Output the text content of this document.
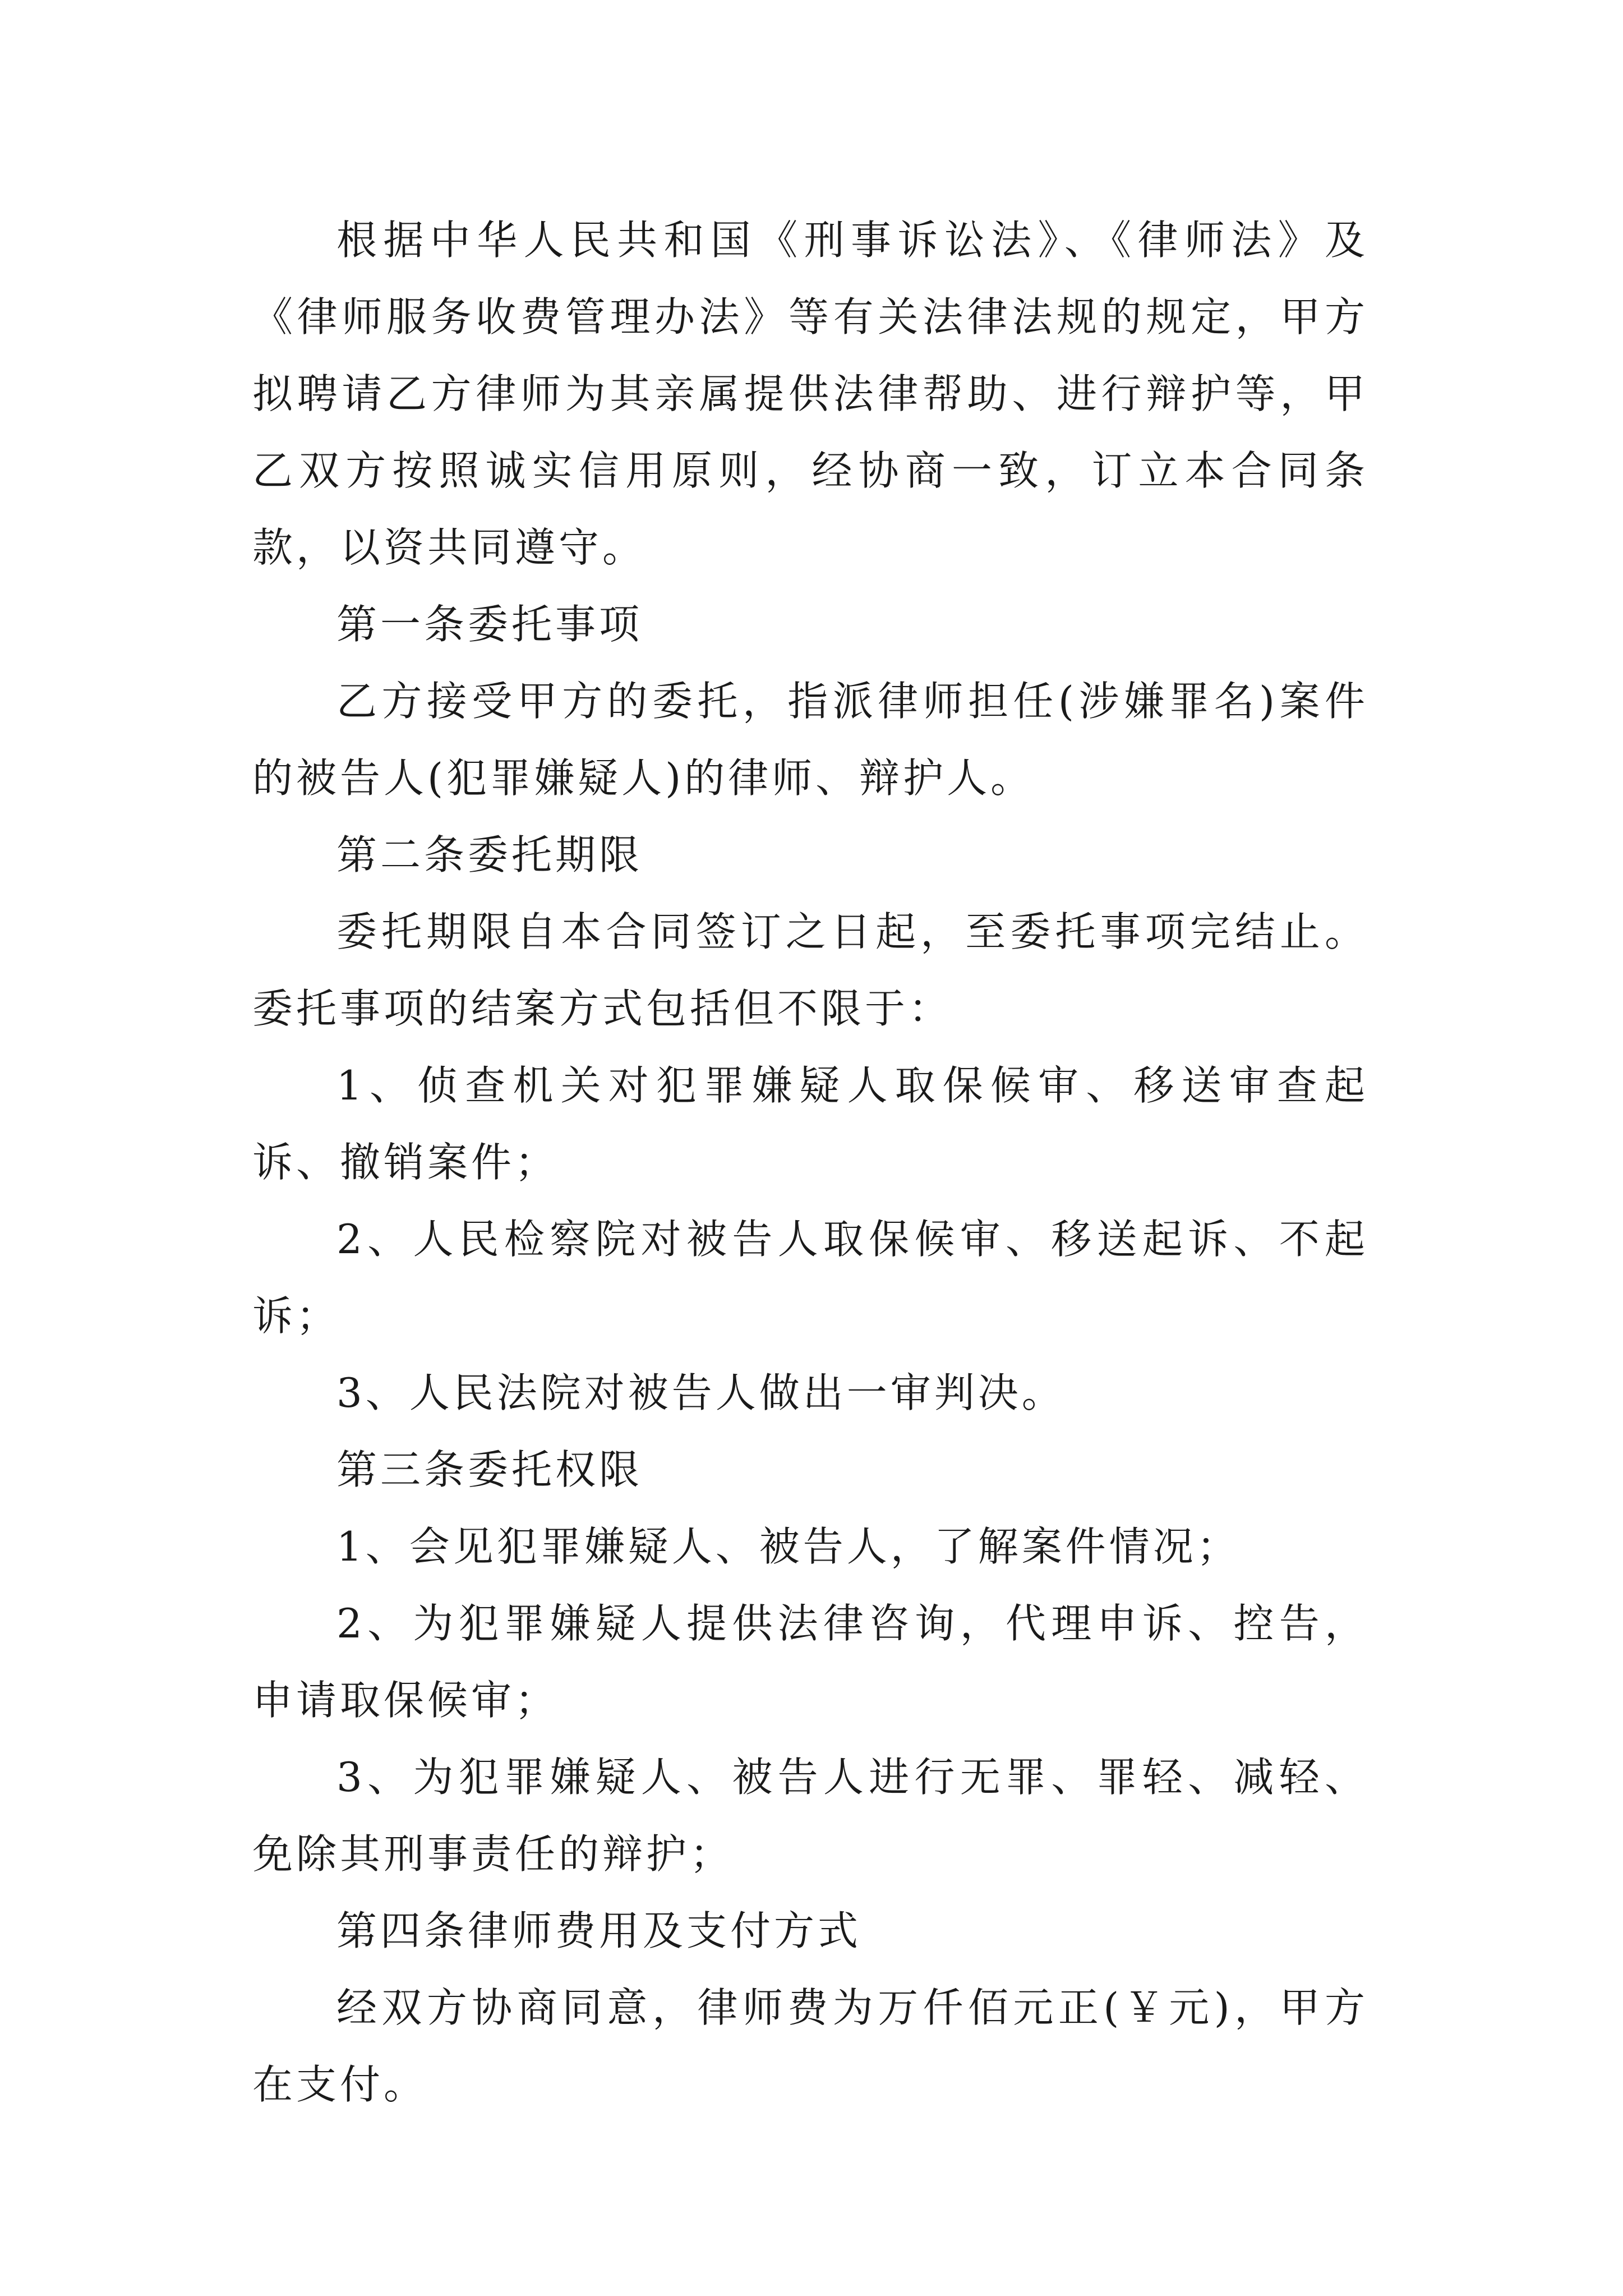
根据中华人民共和国《刑事诉讼法》、《律师法》及《律师服务收费管理办法》等有关法律法规的规定，甲方拟聘请乙方律师为其亲属提供法律帮助、进行辩护等，甲乙双方按照诚实信用原则，经协商一致，订立本合同条款，以资共同遵守。

第一条委托事项

乙方接受甲方的委托，指派律师担任(涉嫌罪名)案件的被告人(犯罪嫌疑人)的律师、辩护人。

第二条委托期限

委托期限自本合同签订之日起，至委托事项完结止。委托事项的结案方式包括但不限于：

1、侦查机关对犯罪嫌疑人取保候审、移送审查起诉、撤销案件；

2、人民检察院对被告人取保候审、移送起诉、不起诉；

3、人民法院对被告人做出一审判决。

第三条委托权限

1、会见犯罪嫌疑人、被告人，了解案件情况；

2、为犯罪嫌疑人提供法律咨询，代理申诉、控告，申请取保候审；

3、为犯罪嫌疑人、被告人进行无罪、罪轻、减轻、免除其刑事责任的辩护；

第四条律师费用及支付方式

经双方协商同意，律师费为万仟佰元正(￥元)，甲方在支付。
